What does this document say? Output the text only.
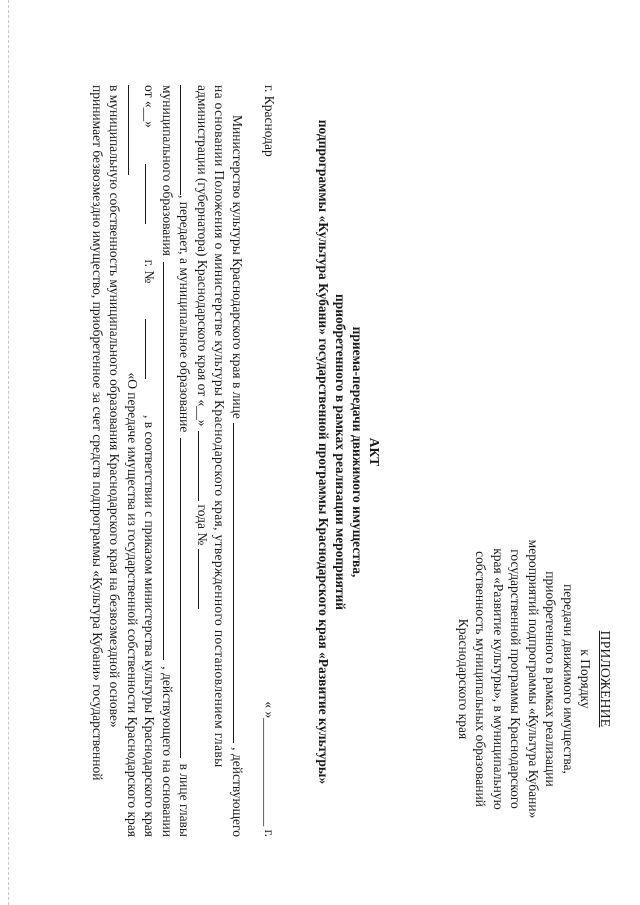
ПРИЛОЖЕНИЕ
к Порядку
передачи движимого имущества,
приобретенного в рамках реализации
мероприятий подпрограммы «Культура Кубани»
государственной программы Краснодарского
края «Развитие культуры», в муниципальную
собственность муниципальных образований
Краснодарского края
АКТ
приема-передачи движимого имущества,
приобретенного в рамках реализации мероприятий
подпрограммы «Культура Кубани» государственной программы Краснодарского края «Развитие культуры»
г. Краснодар
« »________________ г.
Министерство культуры Краснодарского края в лице
, действующего
на основании Положения о министерстве культуры Краснодарского края, утвержденного постановлением главы
администрации (губернатора) Краснодарского края от «__»
года №
, передает, а муниципальное образование
в лице главы
муниципального образования
, действующего на основании
от «__»
г. №
, в соответствии с приказом министерства культуры Краснодарского края
«О передаче имущества из государственной собственности Краснодарского края
в муниципальную собственность муниципального образования Краснодарского края на безвозмездной основе»
принимает безвозмездно имущество, приобретенное за счет средств подпрограммы «Культура Кубани» государственной
